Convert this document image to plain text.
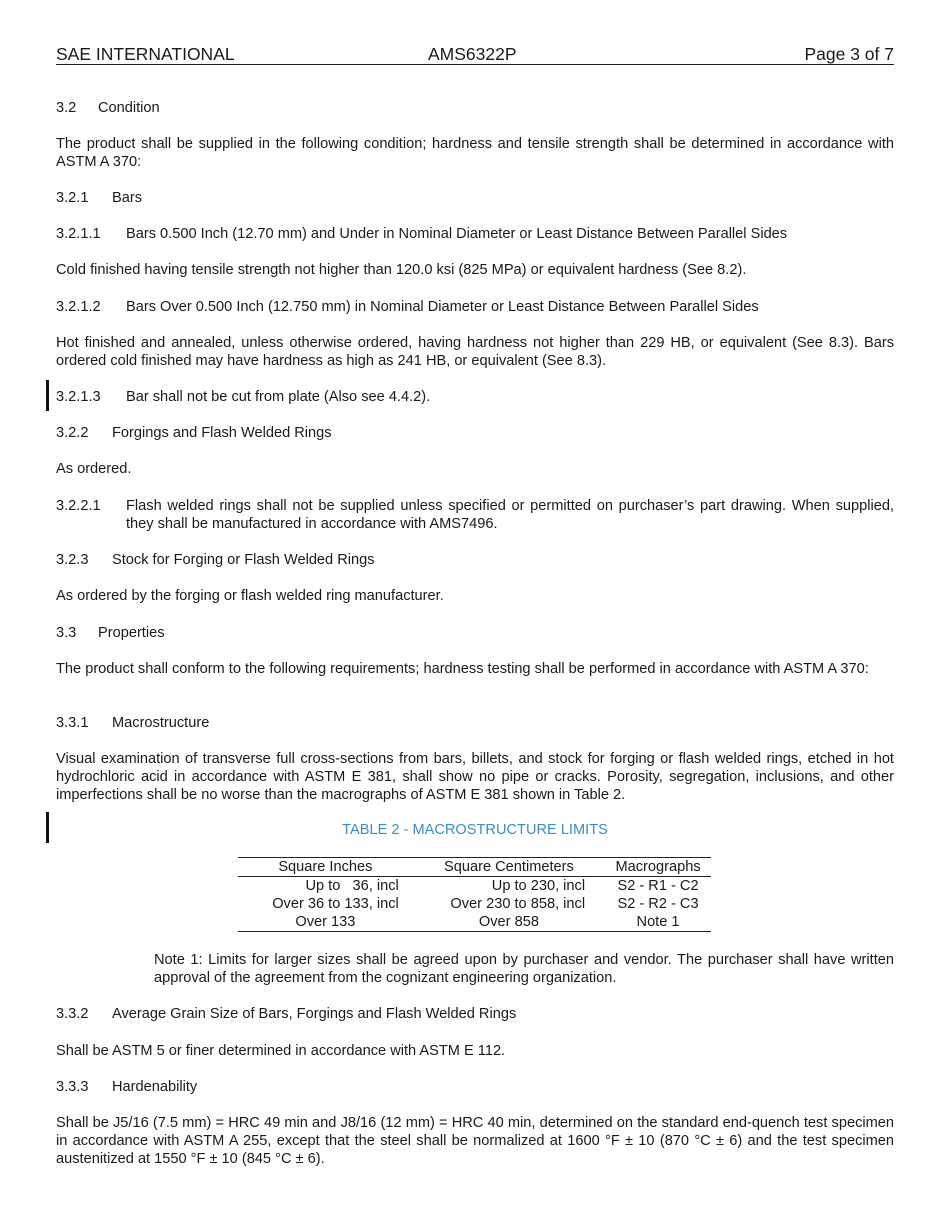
SAE INTERNATIONAL	AMS6322P	Page 3 of 7
3.2 Condition

The product shall be supplied in the following condition; hardness and tensile strength shall be determined in accordance with ASTM A 370:

3.2.1 Bars
3.2.1.1 Bars 0.500 Inch (12.70 mm) and Under in Nominal Diameter or Least Distance Between Parallel Sides

Cold finished having tensile strength not higher than 120.0 ksi (825 MPa) or equivalent hardness (See 8.2).

3.2.1.2 Bars Over 0.500 Inch (12.750 mm) in Nominal Diameter or Least Distance Between Parallel Sides

Hot finished and annealed, unless otherwise ordered, having hardness not higher than 229 HB, or equivalent (See 8.3). Bars ordered cold finished may have hardness as high as 241 HB, or equivalent (See 8.3).

3.2.1.3 Bar shall not be cut from plate (Also see 4.4.2).
3.2.2 Forgings and Flash Welded Rings

As ordered.

3.2.2.1 Flash welded rings shall not be supplied unless specified or permitted on purchaser’s part drawing. When supplied, they shall be manufactured in accordance with AMS7496.
3.2.3 Stock for Forging or Flash Welded Rings

As ordered by the forging or flash welded ring manufacturer.

3.3 Properties

The product shall conform to the following requirements; hardness testing shall be performed in accordance with ASTM A 370:

3.3.1 Macrostructure

Visual examination of transverse full cross-sections from bars, billets, and stock for forging or flash welded rings, etched in hot hydrochloric acid in accordance with ASTM E 381, shall show no pipe or cracks. Porosity, segregation, inclusions, and other imperfections shall be no worse than the macrographs of ASTM E 381 shown in Table 2.

TABLE 2 - MACROSTRUCTURE LIMITS
Square Inches	Square Centimeters	Macrographs
Up to   36, incl	Up to 230, incl	S2 - R1 - C2
Over 36 to 133, incl	Over 230 to 858, incl	S2 - R2 - C3
Over 133	Over 858	Note 1
Note 1: Limits for larger sizes shall be agreed upon by purchaser and vendor. The purchaser shall have written approval of the agreement from the cognizant engineering organization.
3.3.2 Average Grain Size of Bars, Forgings and Flash Welded Rings

Shall be ASTM 5 or finer determined in accordance with ASTM E 112.

3.3.3 Hardenability

Shall be J5/16 (7.5 mm) = HRC 49 min and J8/16 (12 mm) = HRC 40 min, determined on the standard end-quench test specimen in accordance with ASTM A 255, except that the steel shall be normalized at 1600 °F ± 10 (870 °C ± 6) and the test specimen austenitized at 1550 °F ± 10 (845 °C ± 6).
